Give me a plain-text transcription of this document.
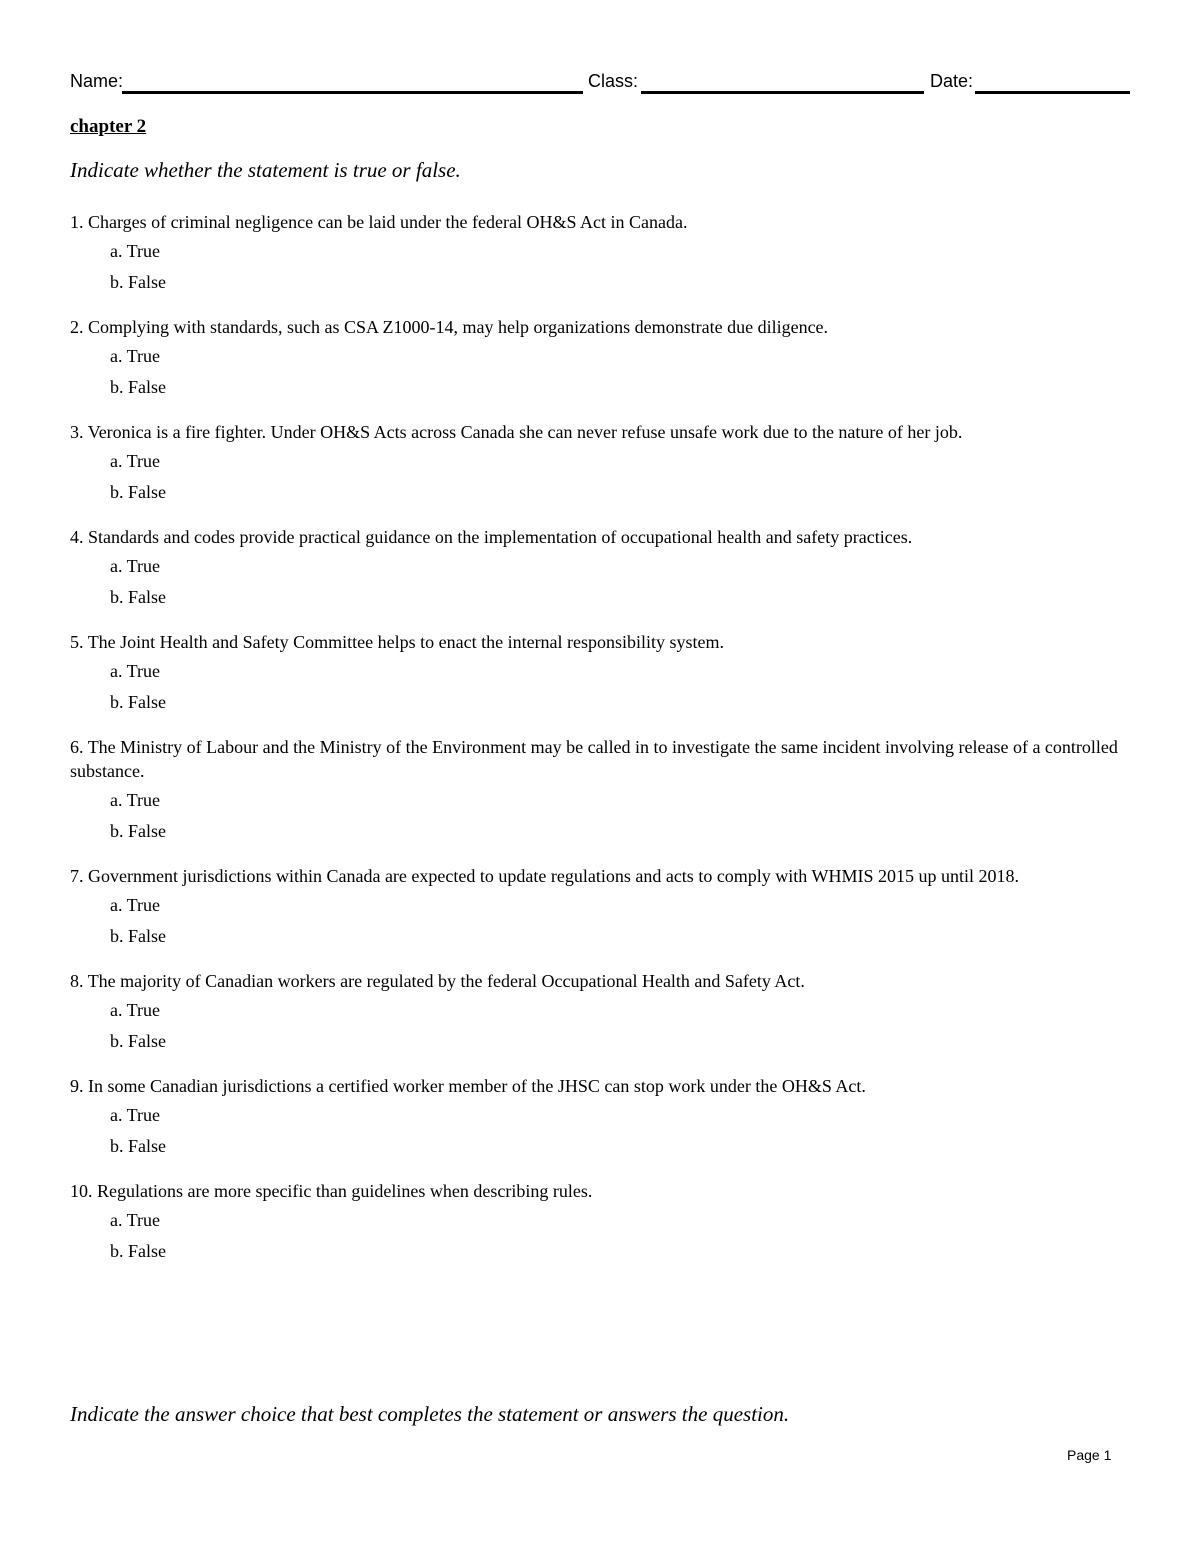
Name:	Class:	Date:
chapter 2
Indicate whether the statement is true or false.

1. Charges of criminal negligence can be laid under the federal OH&S Act in Canada.

a. True
b. False

2. Complying with standards, such as CSA Z1000-14, may help organizations demonstrate due diligence.

a. True
b. False

3. Veronica is a fire fighter. Under OH&S Acts across Canada she can never refuse unsafe work due to the nature of her job.

a. True
b. False

4. Standards and codes provide practical guidance on the implementation of occupational health and safety practices.

a. True
b. False

5. The Joint Health and Safety Committee helps to enact the internal responsibility system.

a. True
b. False

6. The Ministry of Labour and the Ministry of the Environment may be called in to investigate the same incident involving release of a controlled substance.

a. True
b. False

7. Government jurisdictions within Canada are expected to update regulations and acts to comply with WHMIS 2015 up until 2018.

a. True
b. False

8. The majority of Canadian workers are regulated by the federal Occupational Health and Safety Act.

a. True
b. False

9. In some Canadian jurisdictions a certified worker member of the JHSC can stop work under the OH&S Act.

a. True
b. False

10. Regulations are more specific than guidelines when describing rules.

a. True
b. False
Indicate the answer choice that best completes the statement or answers the question.
Page 1
